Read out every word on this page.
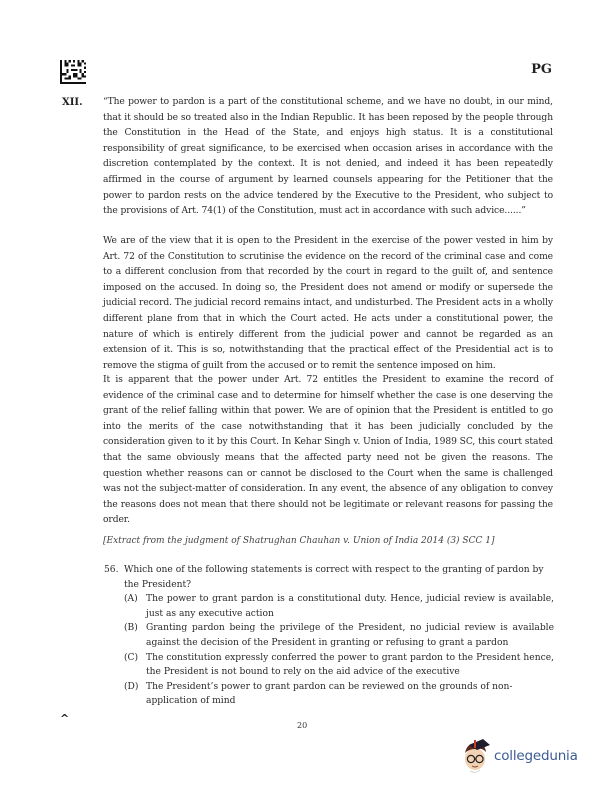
PG
XII. “The power to pardon is a part of the constitutional scheme, and we have no doubt, in our mind, that it should be so treated also in the Indian Republic. It has been reposed by the people through the Constitution in the Head of the State, and enjoys high status. It is a constitutional responsibility of great significance, to be exercised when occasion arises in accordance with the discretion contemplated by the context. It is not denied, and indeed it has been repeatedly affirmed in the course of argument by learned counsels appearing for the Petitioner that the power to pardon rests on the advice tendered by the Executive to the President, who subject to the provisions of Art. 74(1) of the Constitution, must act in accordance with such advice......”

We are of the view that it is open to the President in the exercise of the power vested in him by Art. 72 of the Constitution to scrutinise the evidence on the record of the criminal case and come to a different conclusion from that recorded by the court in regard to the guilt of, and sentence imposed on the accused. In doing so, the President does not amend or modify or supersede the judicial record. The judicial record remains intact, and undisturbed. The President acts in a wholly different plane from that in which the Court acted. He acts under a constitutional power, the nature of which is entirely different from the judicial power and cannot be regarded as an extension of it. This is so, notwithstanding that the practical effect of the Presidential act is to remove the stigma of guilt from the accused or to remit the sentence imposed on him.

It is apparent that the power under Art. 72 entitles the President to examine the record of evidence of the criminal case and to determine for himself whether the case is one deserving the grant of the relief falling within that power. We are of opinion that the President is entitled to go into the merits of the case notwithstanding that it has been judicially concluded by the consideration given to it by this Court. In Kehar Singh v. Union of India, 1989 SC, this court stated that the same obviously means that the affected party need not be given the reasons. The question whether reasons can or cannot be disclosed to the Court when the same is challenged was not the subject-matter of consideration. In any event, the absence of any obligation to convey the reasons does not mean that there should not be legitimate or relevant reasons for passing the order.

[Extract from the judgment of Shatrughan Chauhan v. Union of India 2014 (3) SCC 1]
56. Which one of the following statements is correct with respect to the granting of pardon by the President?
(A) The power to grant pardon is a constitutional duty. Hence, judicial review is available, just as any executive action
(B) Granting pardon being the privilege of the President, no judicial review is available against the decision of the President in granting or refusing to grant a pardon
(C) The constitution expressly conferred the power to grant pardon to the President hence, the President is not bound to rely on the aid advice of the executive
(D) The President’s power to grant pardon can be reviewed on the grounds of non-application of mind
^
20
collegedunia
